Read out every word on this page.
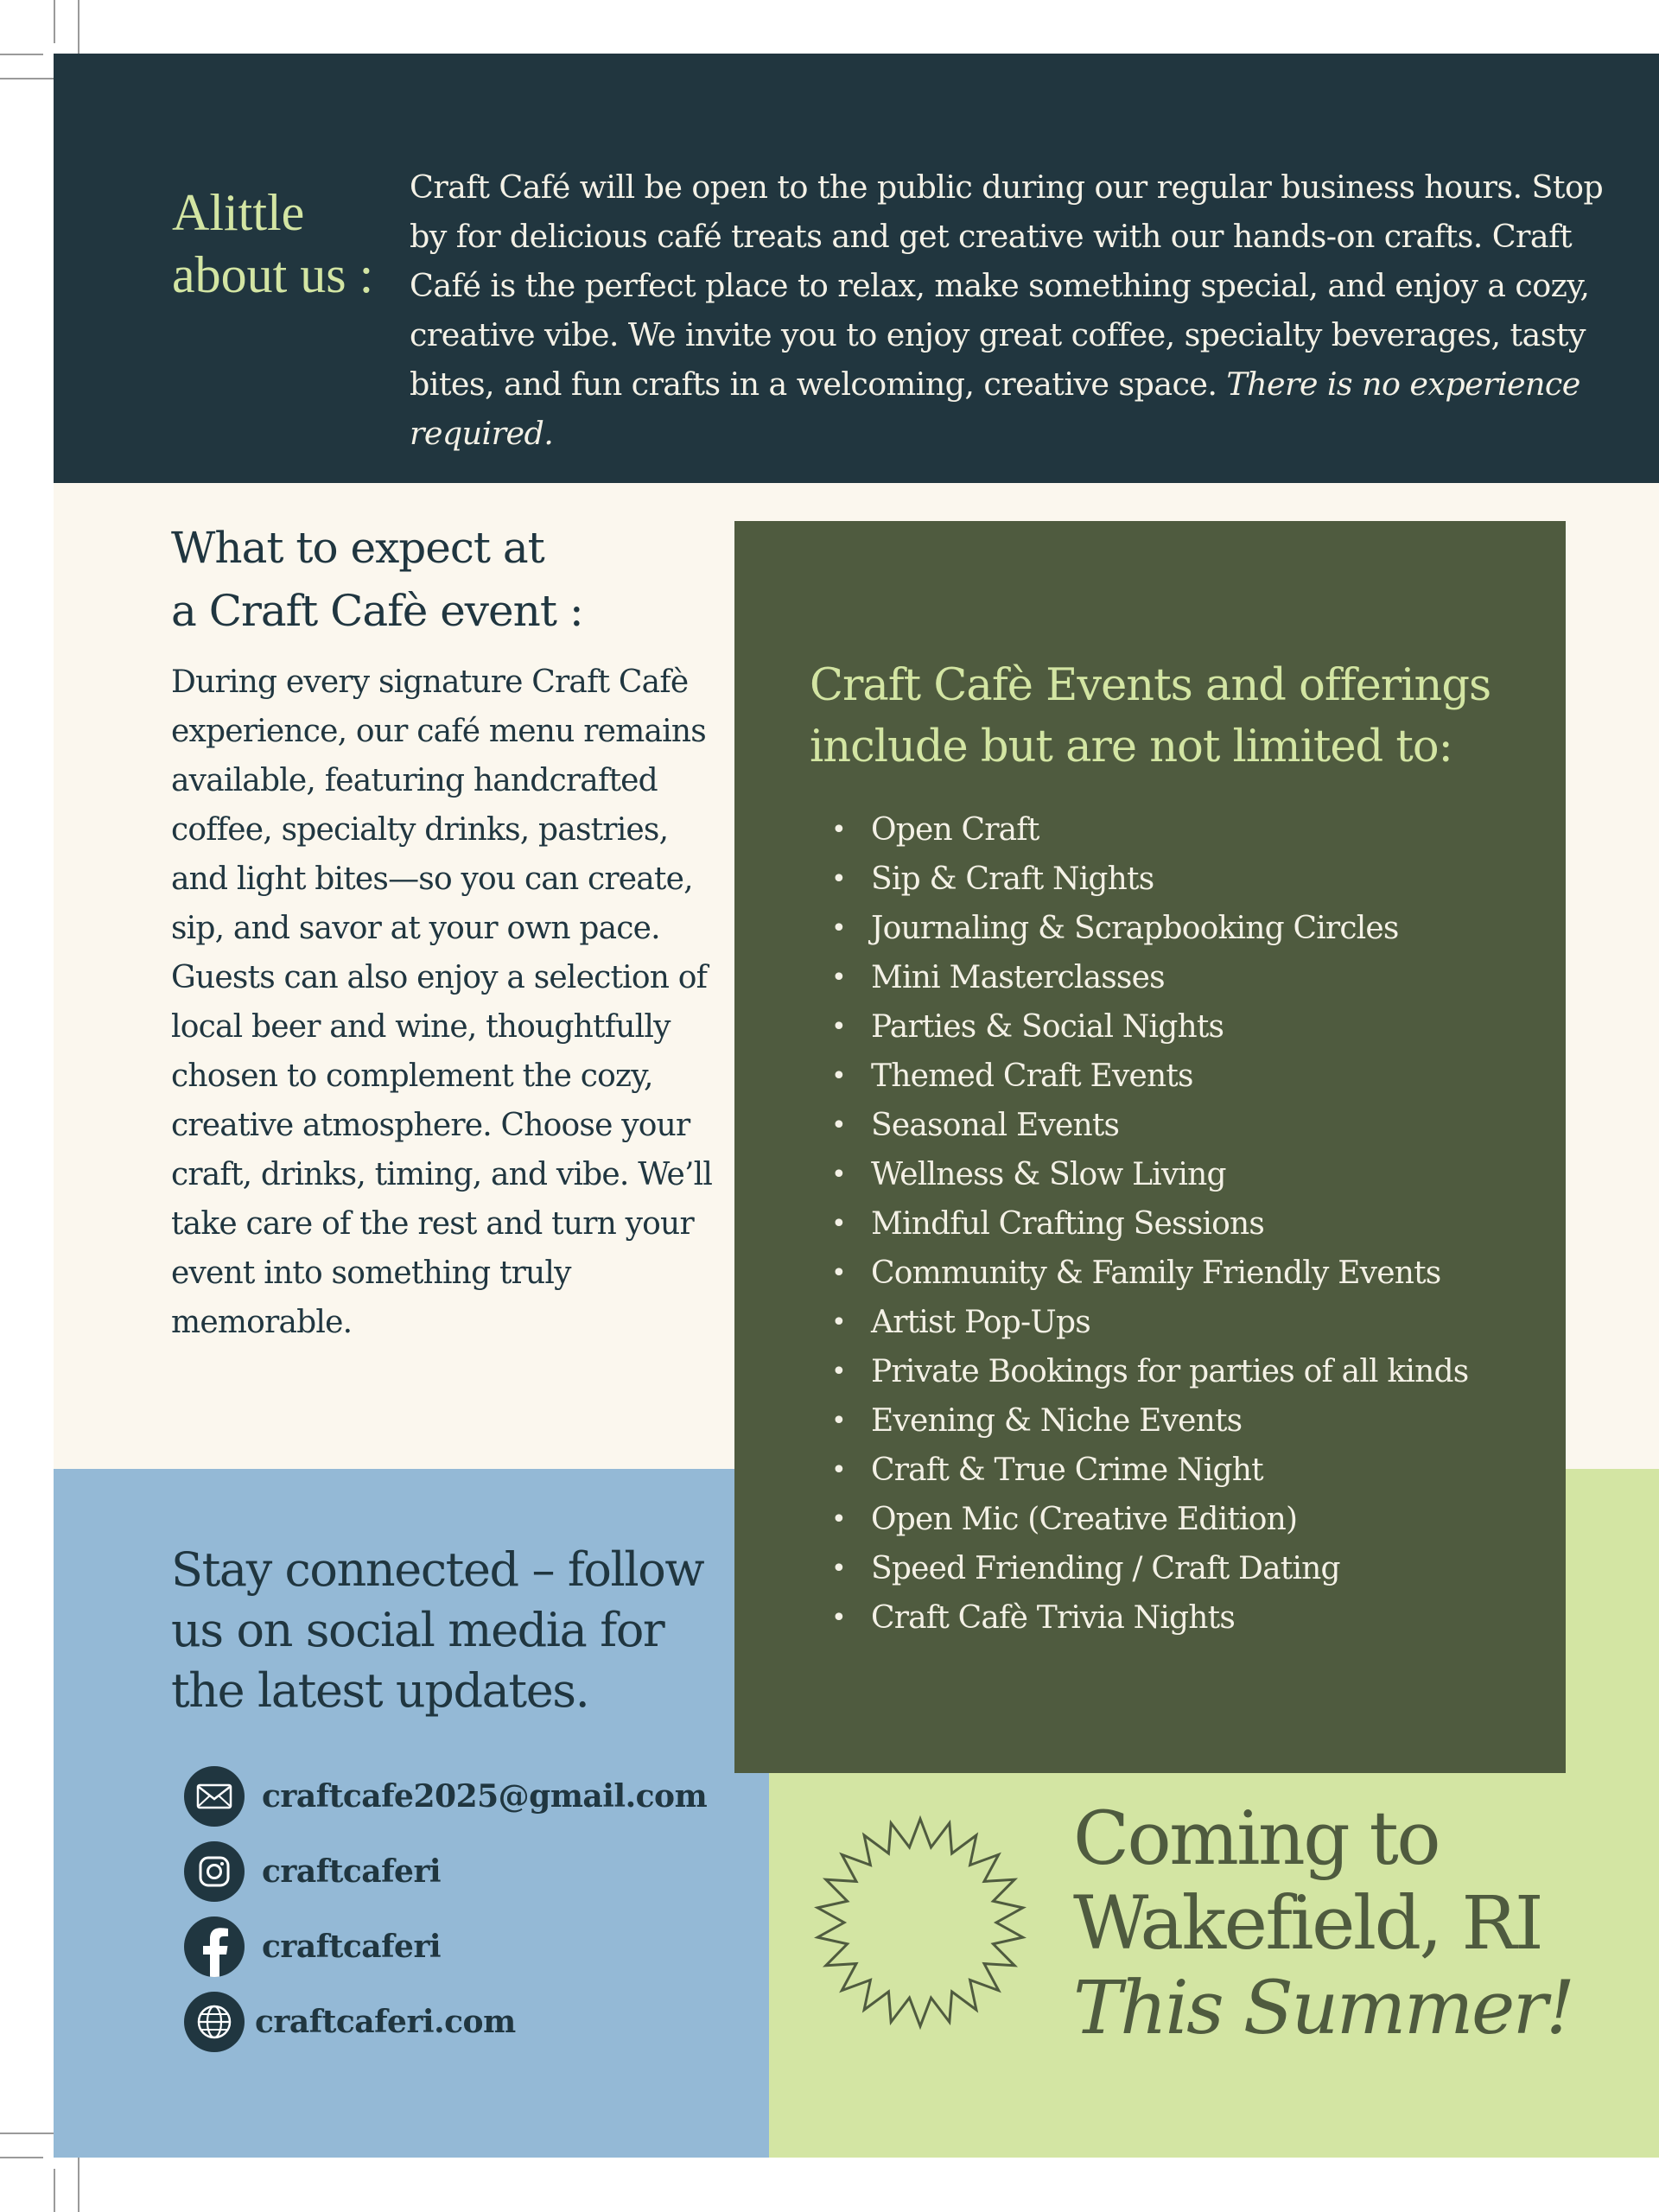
Alittle
about us :
Craft Café will be open to the public during our regular business hours. Stop by for delicious café treats and get creative with our hands-on crafts. Craft Café is the perfect place to relax, make something special, and enjoy a cozy, creative vibe. We invite you to enjoy great coffee, specialty beverages, tasty bites, and fun crafts in a welcoming, creative space. There is no experience required.
What to expect at
a Craft Cafè event :
During every signature Craft Cafè experience, our café menu remains available, featuring handcrafted coffee, specialty drinks, pastries, and light bites—so you can create, sip, and savor at your own pace. Guests can also enjoy a selection of local beer and wine, thoughtfully chosen to complement the cozy, creative atmosphere. Choose your craft, drinks, timing, and vibe. We’ll take care of the rest and turn your event into something truly memorable.
Craft Cafè Events and offerings
include but are not limited to:
• Open Craft
• Sip & Craft Nights
• Journaling & Scrapbooking Circles
• Mini Masterclasses
• Parties & Social Nights
• Themed Craft Events
• Seasonal Events
• Wellness & Slow Living
• Mindful Crafting Sessions
• Community & Family Friendly Events
• Artist Pop-Ups
• Private Bookings for parties of all kinds
• Evening & Niche Events
• Craft & True Crime Night
• Open Mic (Creative Edition)
• Speed Friending / Craft Dating
• Craft Cafè Trivia Nights
Stay connected – follow us on social media for the latest updates.
craftcafe2025@gmail.com
craftcaferi
craftcaferi
craftcaferi.com
Coming to
Wakefield, RI
This Summer!
